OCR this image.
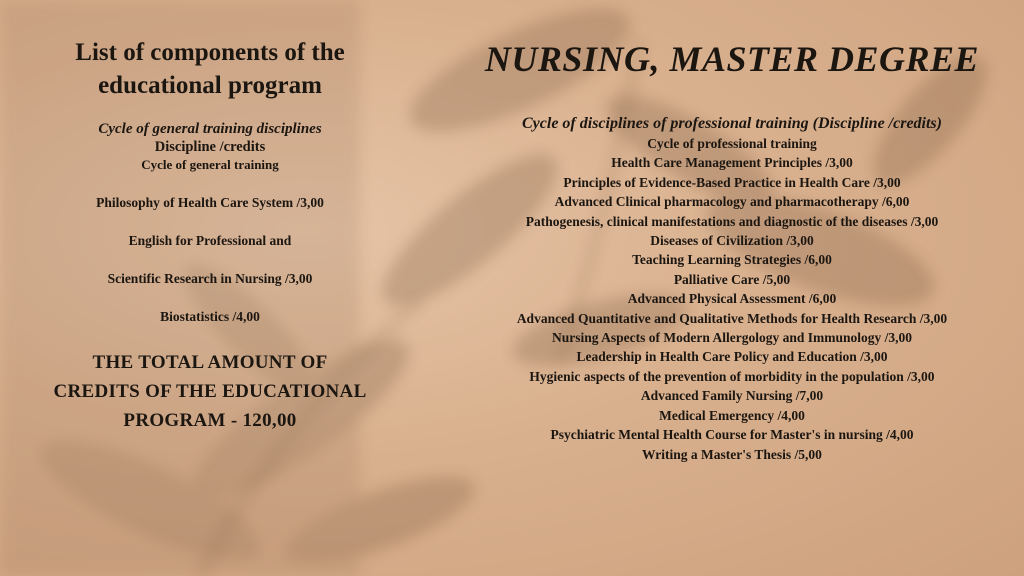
List of components of the
educational program
Cycle of general training disciplines
Discipline /credits
Cycle of general training
Philosophy of Health Care System /3,00
English for Professional and
Scientific Research in Nursing /3,00
Biostatistics /4,00
THE TOTAL AMOUNT OF
CREDITS OF THE EDUCATIONAL
PROGRAM - 120,00
NURSING, MASTER DEGREE
Cycle of disciplines of professional training (Discipline /credits)
Cycle of professional training
Health Care Management Principles /3,00
Principles of Evidence-Based Practice in Health Care /3,00
Advanced Clinical pharmacology and pharmacotherapy /6,00
Pathogenesis, clinical manifestations and diagnostic of the diseases /3,00
Diseases of Civilization /3,00
Teaching Learning Strategies /6,00
Palliative Care /5,00
Advanced Physical Assessment /6,00
Advanced Quantitative and Qualitative Methods for Health Research /3,00
Nursing Aspects of Modern Allergology and Immunology /3,00
Leadership in Health Care Policy and Education /3,00
Hygienic aspects of the prevention of morbidity in the population /3,00
Advanced Family Nursing /7,00
Medical Emergency /4,00
Psychiatric Mental Health Course for Master's in nursing /4,00
Writing a Master's Thesis /5,00
